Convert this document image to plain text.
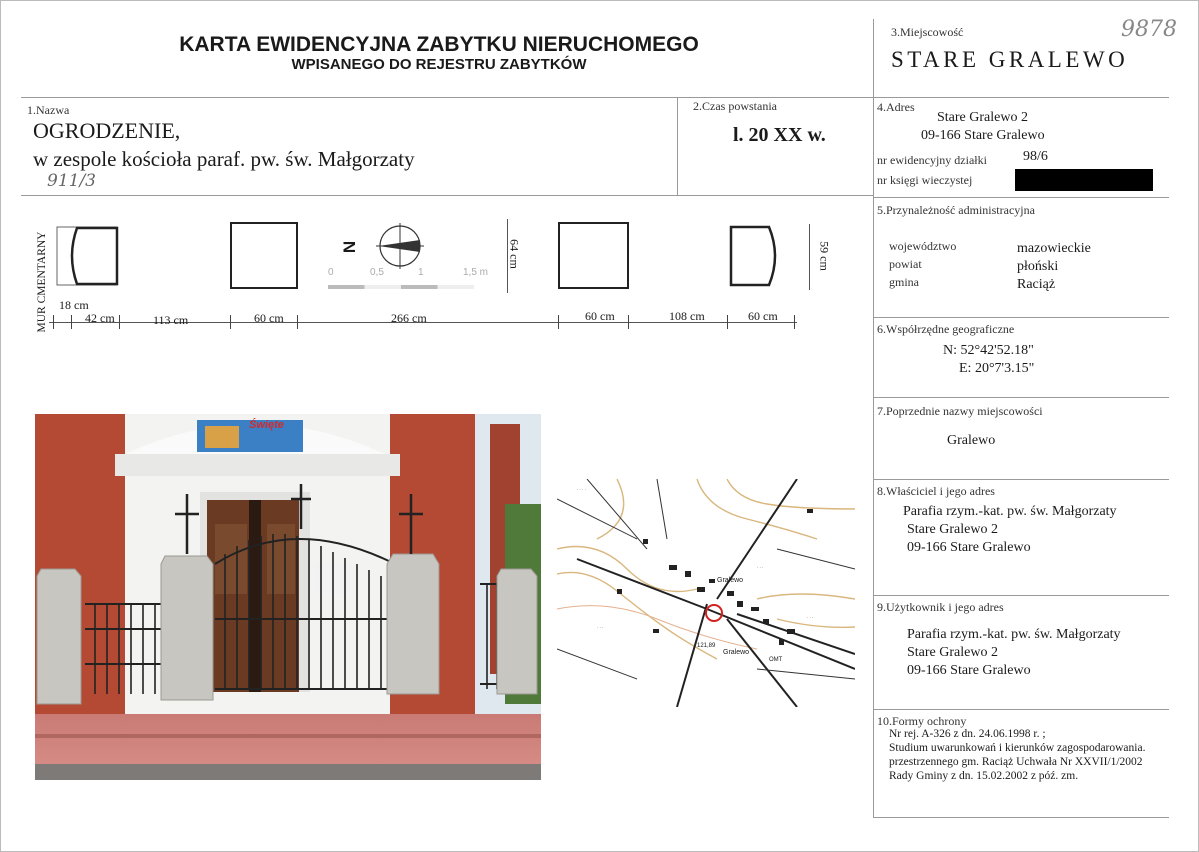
KARTA EWIDENCYJNA ZABYTKU NIERUCHOMEGO
WPISANEGO DO REJESTRU ZABYTKÓW
3.Miejscowość
STARE GRALEWO
9878
1.Nazwa
OGRODZENIE,
w zespole kościoła paraf. pw. św. Małgorzaty
911/3
2.Czas powstania
l. 20 XX w.
4.Adres
Stare Gralewo 2
09-166 Stare Gralewo
nr ewidencyjny działki	98/6
nr księgi wieczystej
5.Przynależność administracyjna
województwo	mazowieckie
powiat	płoński
gmina	Raciąż
6.Współrzędne geograficzne
N: 52°42'52.18"
E: 20°7'3.15"
7.Poprzednie nazwy miejscowości
Gralewo
8.Właściciel i jego adres
Parafia rzym.-kat. pw. św. Małgorzaty
Stare Gralewo 2
09-166 Stare Gralewo
9.Użytkownik i jego adres
Parafia rzym.-kat. pw. św. Małgorzaty
Stare Gralewo 2
09-166 Stare Gralewo
10.Formy ochrony
Nr rej. A-326 z dn. 24.06.1998 r. ;
Studium uwarunkowań i kierunków zagospodarowania.
przestrzennego gm. Raciąż Uchwała Nr XXVII/1/2002
Rady Gminy z dn. 15.02.2002 z póź. zm.
MUR CMENTARNY	N
0	0,5	1	1,5 m
64 cm	59 cm
18 cm
42 cm	113 cm	60 cm	266 cm	60 cm	108 cm	60 cm
Święte
· · · ·
· · ·
· · ·
· · ·
Gralewo
121,89
Gralewo
OMT
